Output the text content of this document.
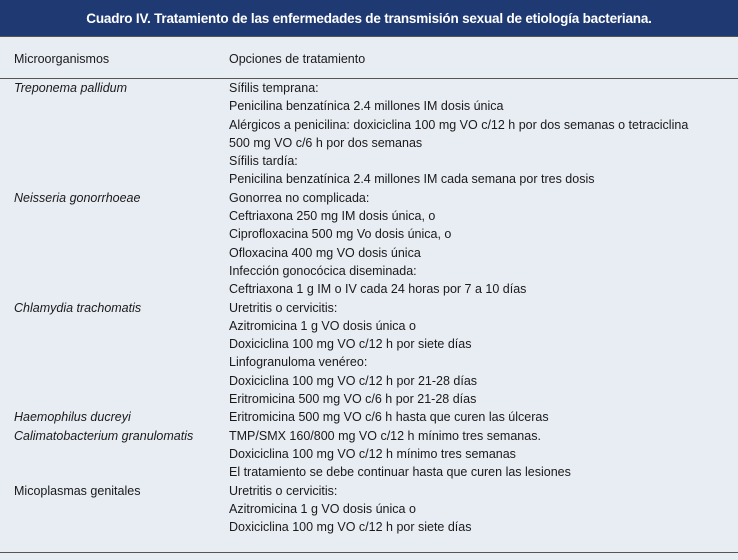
Cuadro IV. Tratamiento de las enfermedades de transmisión sexual de etiología bacteriana.
Microorganismos	Opciones de tratamiento
Treponema pallidum
Neisseria gonorrhoeae
Chlamydia trachomatis
Haemophilus ducreyi
Calimatobacterium granulomatis
Micoplasmas genitales
Sífilis temprana:
Penicilina benzatínica 2.4 millones IM dosis única
Alérgicos a penicilina: doxiciclina 100 mg VO c/12 h por dos semanas o tetraciclina
500 mg VO c/6 h por dos semanas
Sífilis tardía:
Penicilina benzatínica 2.4 millones IM cada semana por tres dosis
Gonorrea no complicada:
Ceftriaxona 250 mg IM dosis única, o
Ciprofloxacina 500 mg Vo dosis única, o
Ofloxacina 400 mg VO dosis única
Infección gonocócica diseminada:
Ceftriaxona 1 g IM o IV cada 24 horas por 7 a 10 días
Uretritis o cervicitis:
Azitromicina 1 g VO dosis única o
Doxiciclina 100 mg VO c/12 h por siete días
Linfogranuloma venéreo:
Doxiciclina 100 mg VO c/12 h por 21-28 días
Eritromicina 500 mg VO c/6 h por 21-28 días
Eritromicina 500 mg VO c/6 h hasta que curen las úlceras
TMP/SMX 160/800 mg VO c/12 h mínimo tres semanas.
Doxiciclina 100 mg VO c/12 h mínimo tres semanas
El tratamiento se debe continuar hasta que curen las lesiones
Uretritis o cervicitis:
Azitromicina 1 g VO dosis única o
Doxiciclina 100 mg VO c/12 h por siete días
